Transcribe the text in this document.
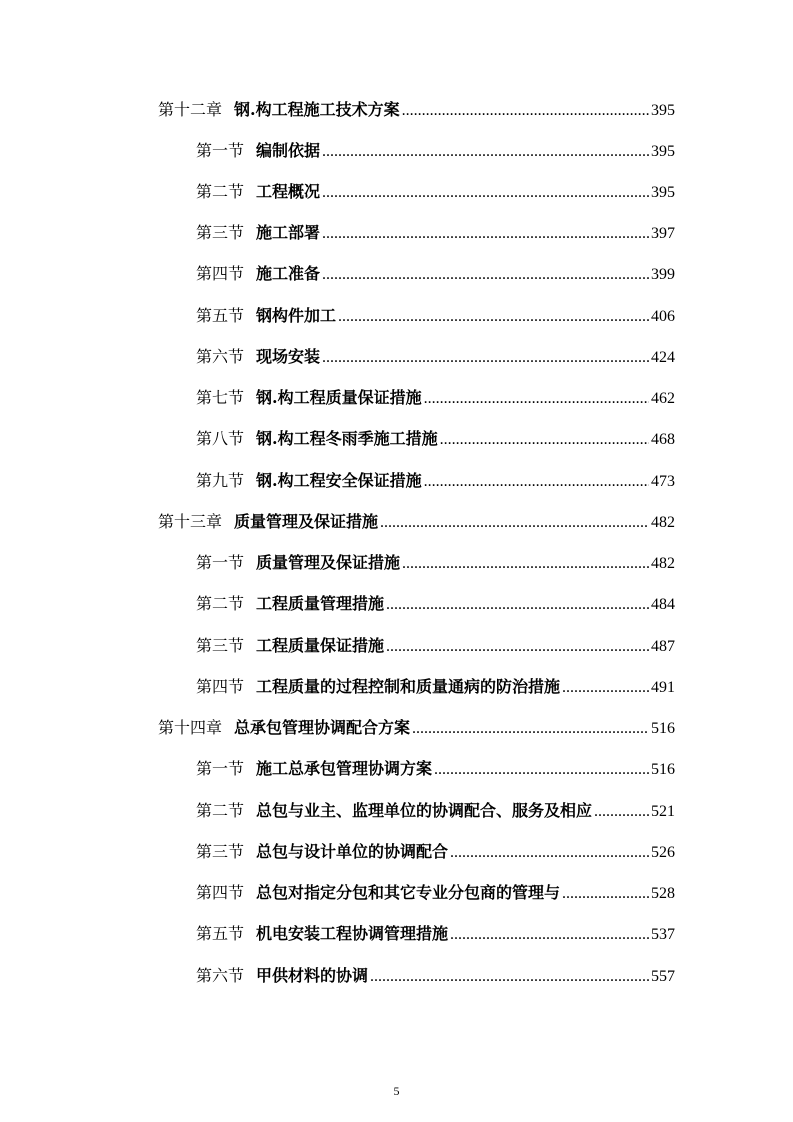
第十二章 钢.构工程施工技术方案 .....	395
第一节 编制依据 .....	395
第二节 工程概况 .....	395
第三节 施工部署 .....	397
第四节 施工准备 .....	399
第五节 钢构件加工 .....	406
第六节 现场安装 .....	424
第七节 钢.构工程质量保证措施 .....	462
第八节 钢.构工程冬雨季施工措施 .....	468
第九节 钢.构工程安全保证措施 .....	473
第十三章 质量管理及保证措施 .....	482
第一节 质量管理及保证措施 .....	482
第二节 工程质量管理措施 .....	484
第三节 工程质量保证措施 .....	487
第四节 工程质量的过程控制和质量通病的防治措施 .....	491
第十四章 总承包管理协调配合方案 .....	516
第一节 施工总承包管理协调方案 .....	516
第二节 总包与业主、监理单位的协调配合、服务及相应 .....	521
第三节 总包与设计单位的协调配合 .....	526
第四节 总包对指定分包和其它专业分包商的管理与 .....	528
第五节 机电安装工程协调管理措施 .....	537
第六节 甲供材料的协调 .....	557
5
